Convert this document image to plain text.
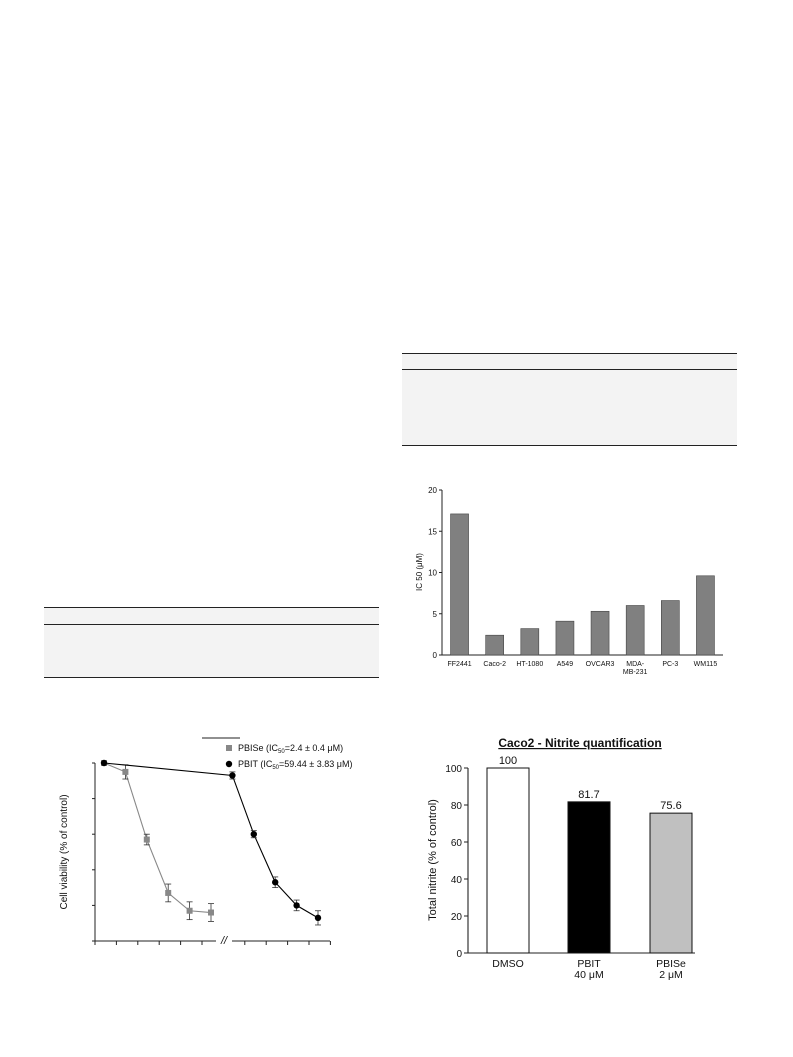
0
5
10
15
20
FF2441 Caco-2 HT-1080 A549 OVCAR3 MDA-
MB-231
PC-3 WM115
IC 50 (μM)
PBISe ($IC_{50}=2.4 \pm 0.4$ μM)
PBIT ($IC_{50}=59.44 \pm 3.83$ μM)
Cell viability (% of control)
//
Caco2 - Nitrite quantification
0
20
40
60
80
100
100
DMSO
81.7
PBIT
40 μM
75.6
PBISe
2 μM
Total nitrite (% of control)
